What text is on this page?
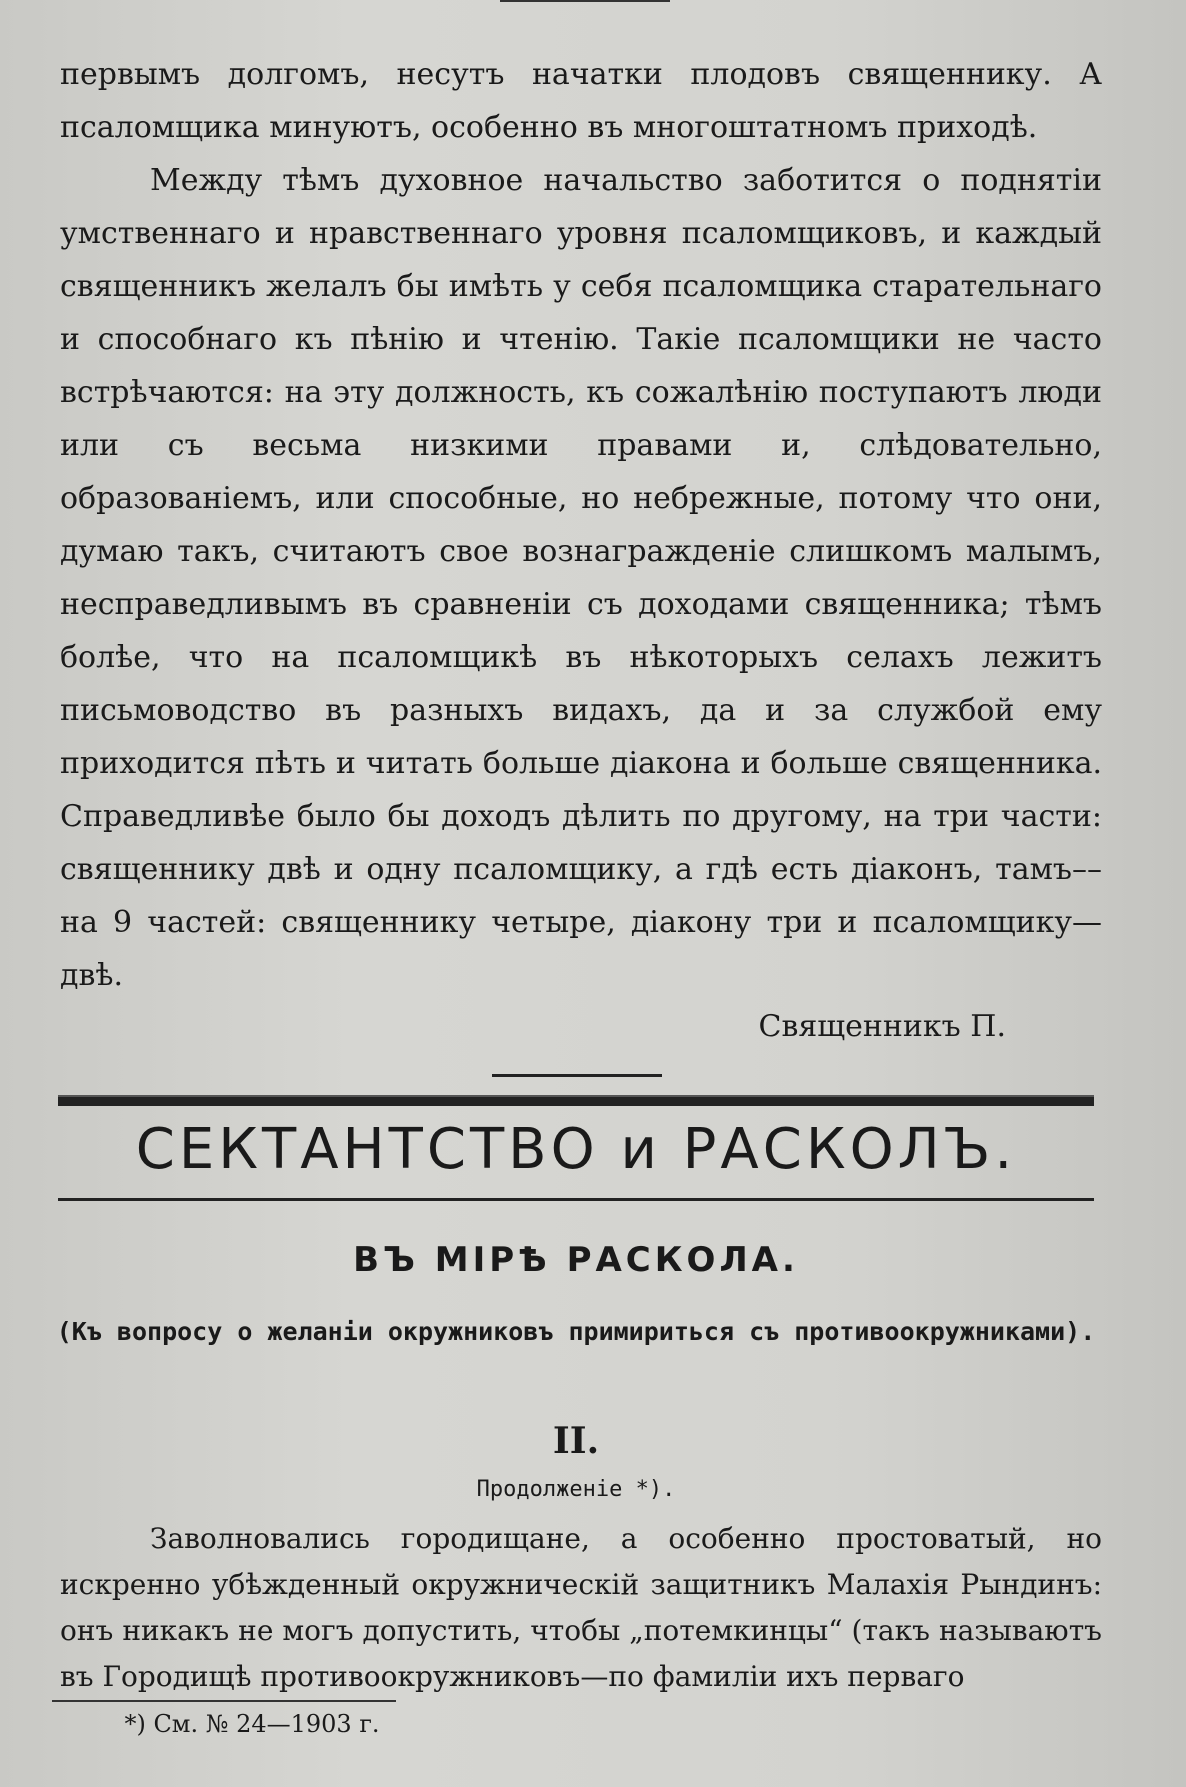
первымъ долгомъ, несутъ начатки плодовъ священнику. А псаломщика минуютъ, особенно въ многоштатномъ приходѣ.

Между тѣмъ духовное начальство заботится о поднятіи умственнаго и нравственнаго уровня псаломщиковъ, и каждый священникъ желалъ бы имѣть у себя псаломщика старательнаго и способнаго къ пѣнію и чтенію. Такіе псаломщики не часто встрѣчаются: на эту должность, къ сожалѣнію поступаютъ люди или съ весьма низкими правами и, слѣдовательно, образованіемъ, или способные, но небрежные, потому что они, думаю такъ, считаютъ свое вознагражденіе слишкомъ малымъ, несправедливымъ въ сравненіи съ доходами священника; тѣмъ болѣе, что на псаломщикѣ въ нѣкоторыхъ селахъ лежитъ письмоводство въ разныхъ видахъ, да и за службой ему приходится пѣть и читать больше діакона и больше священника. Справедливѣе было бы доходъ дѣлить по другому, на три части: священнику двѣ и одну псаломщику, а гдѣ есть діаконъ, тамъ––на 9 частей: священнику четыре, діакону три и псаломщику—двѣ.

Священникъ П.
СЕКТАНТСТВО и РАСКОЛЪ.
ВЪ МІРѢ РАСКОЛА.
(Къ вопросу о желаніи окружниковъ примириться съ противоокружниками).
II.
Продолженіе *).

Заволновались городищане, а особенно простоватый, но искренно убѣжденный окружническій защитникъ Малахія Рындинъ: онъ никакъ не могъ допустить, чтобы „потемкинцы“ (такъ называютъ въ Городищѣ противоокружниковъ—по фамиліи ихъ перваго

*) См. № 24—1903 г.
